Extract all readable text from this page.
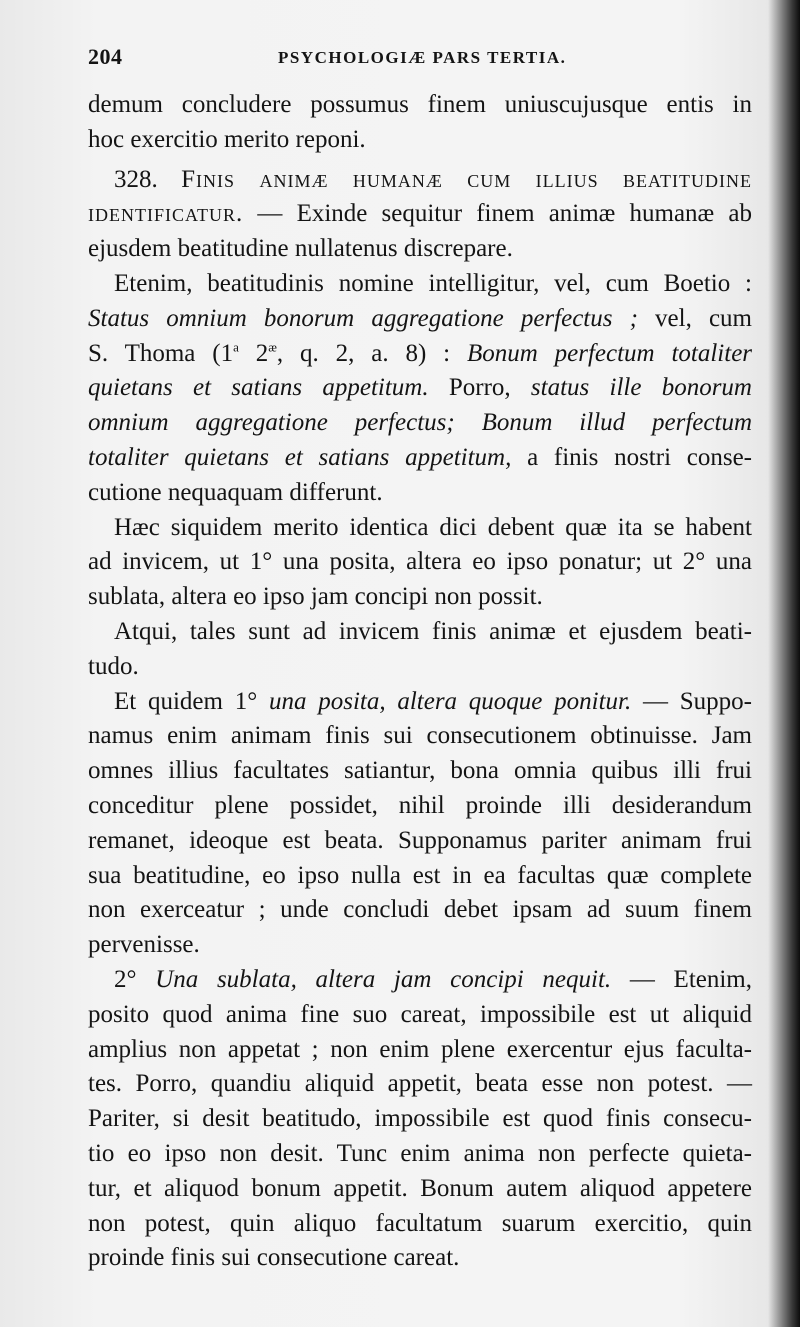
204	PSYCHOLOGIÆ PARS TERTIA.
demum concludere possumus finem uniuscujusque entis in
hoc exercitio merito reponi.
328. Finis animæ humanæ cum illius beatitudine
identificatur. — Exinde sequitur finem animæ humanæ ab
ejusdem beatitudine nullatenus discrepare.
Etenim, beatitudinis nomine intelligitur, vel, cum Boetio :
Status omnium bonorum aggregatione perfectus ; vel, cum
S. Thoma (1$^a$ $2^æ$, q. 2, a. 8) : Bonum perfectum totaliter
quietans et satians appetitum. Porro, status ille bonorum
omnium aggregatione perfectus; Bonum illud perfectum
totaliter quietans et satians appetitum, a finis nostri conse-
cutione nequaquam differunt.
Hæc siquidem merito identica dici debent quæ ita se habent
ad invicem, ut 1° una posita, altera eo ipso ponatur; ut 2° una
sublata, altera eo ipso jam concipi non possit.
Atqui, tales sunt ad invicem finis animæ et ejusdem beati-
tudo.
Et quidem 1° una posita, altera quoque ponitur. — Suppo-
namus enim animam finis sui consecutionem obtinuisse. Jam
omnes illius facultates satiantur, bona omnia quibus illi frui
conceditur plene possidet, nihil proinde illi desiderandum
remanet, ideoque est beata. Supponamus pariter animam frui
sua beatitudine, eo ipso nulla est in ea facultas quæ complete
non exerceatur ; unde concludi debet ipsam ad suum finem
pervenisse.
2° Una sublata, altera jam concipi nequit. — Etenim,
posito quod anima fine suo careat, impossibile est ut aliquid
amplius non appetat ; non enim plene exercentur ejus faculta-
tes. Porro, quandiu aliquid appetit, beata esse non potest. —
Pariter, si desit beatitudo, impossibile est quod finis consecu-
tio eo ipso non desit. Tunc enim anima non perfecte quieta-
tur, et aliquod bonum appetit. Bonum autem aliquod appetere
non potest, quin aliquo facultatum suarum exercitio, quin
proinde finis sui consecutione careat.
